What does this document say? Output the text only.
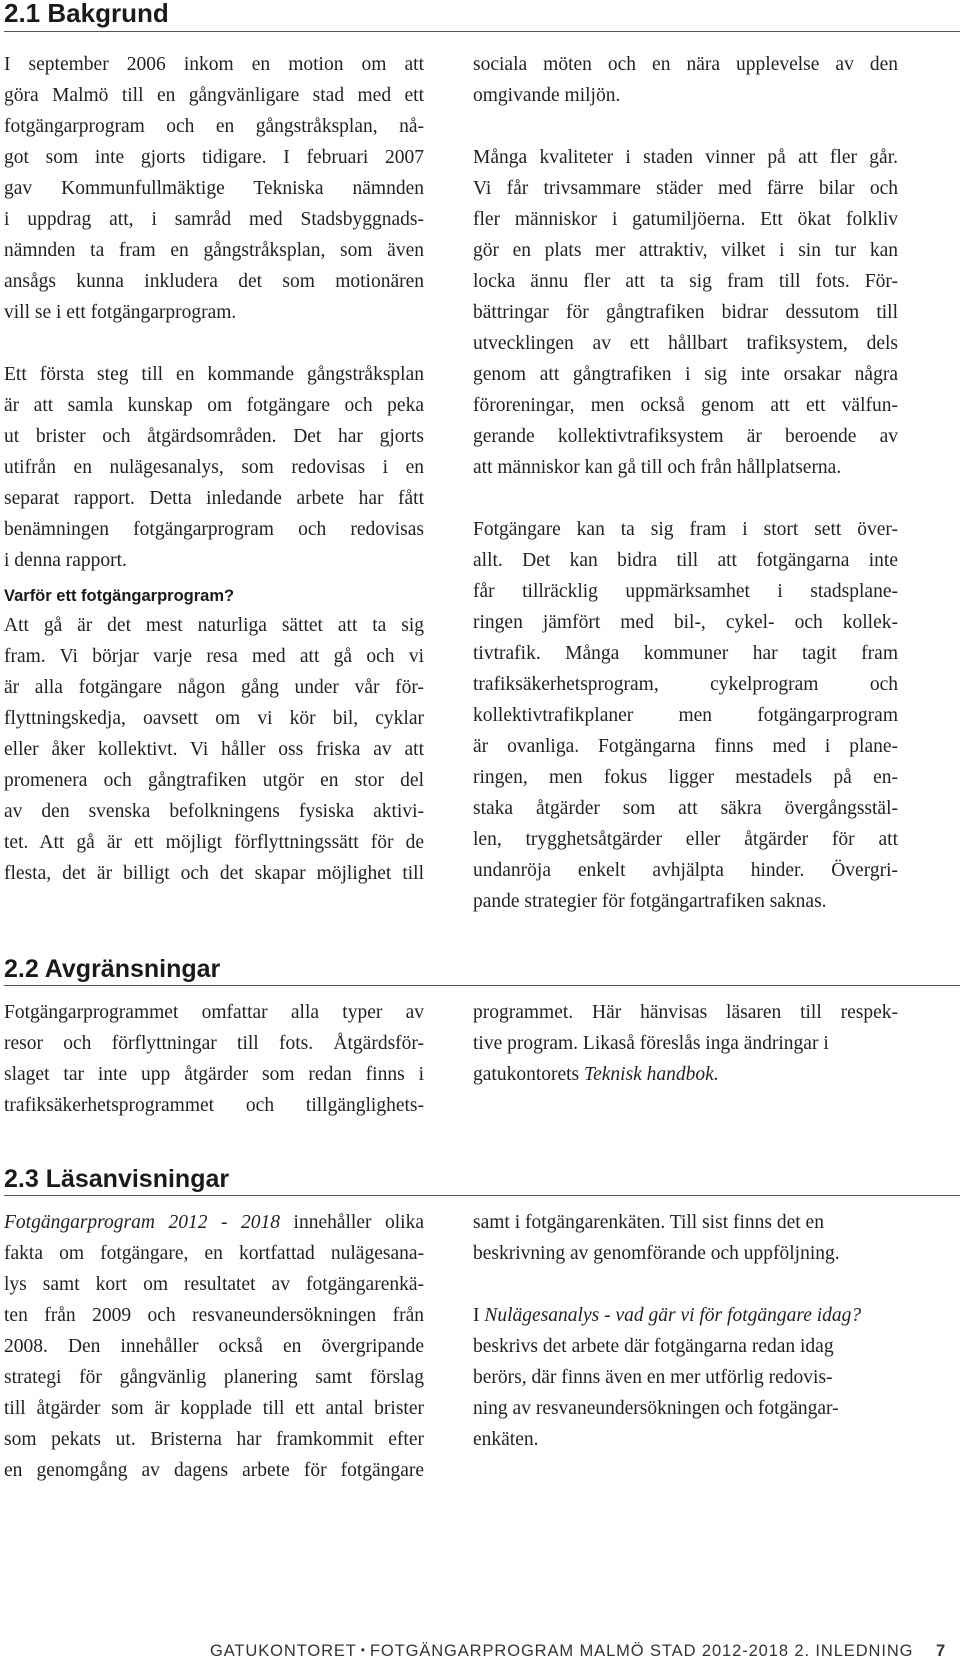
2.1 Bakgrund
I september 2006 inkom en motion om att
göra Malmö till en gångvänligare stad med ett
fotgängarprogram och en gångstråksplan, nå-
got som inte gjorts tidigare. I februari 2007
gav Kommunfullmäktige Tekniska nämnden
i uppdrag att, i samråd med Stadsbyggnads-
nämnden ta fram en gångstråksplan, som även
ansågs kunna inkludera det som motionären
vill se i ett fotgängarprogram.
Ett första steg till en kommande gångstråksplan
är att samla kunskap om fotgängare och peka
ut brister och åtgärdsområden. Det har gjorts
utifrån en nulägesanalys, som redovisas i en
separat rapport. Detta inledande arbete har fått
benämningen fotgängarprogram och redovisas
i denna rapport.
Varför ett fotgängarprogram?
Att gå är det mest naturliga sättet att ta sig
fram. Vi börjar varje resa med att gå och vi
är alla fotgängare någon gång under vår för-
flyttningskedja, oavsett om vi kör bil, cyklar
eller åker kollektivt. Vi håller oss friska av att
promenera och gångtrafiken utgör en stor del
av den svenska befolkningens fysiska aktivi-
tet. Att gå är ett möjligt förflyttningssätt för de
flesta, det är billigt och det skapar möjlighet till
sociala möten och en nära upplevelse av den
omgivande miljön.
Många kvaliteter i staden vinner på att fler går.
Vi får trivsammare städer med färre bilar och
fler människor i gatumiljöerna. Ett ökat folkliv
gör en plats mer attraktiv, vilket i sin tur kan
locka ännu fler att ta sig fram till fots. För-
bättringar för gångtrafiken bidrar dessutom till
utvecklingen av ett hållbart trafiksystem, dels
genom att gångtrafiken i sig inte orsakar några
föroreningar, men också genom att ett välfun-
gerande kollektivtrafiksystem är beroende av
att människor kan gå till och från hållplatserna.
Fotgängare kan ta sig fram i stort sett över-
allt. Det kan bidra till att fotgängarna inte
får tillräcklig uppmärksamhet i stadsplane-
ringen jämfört med bil-, cykel- och kollek-
tivtrafik. Många kommuner har tagit fram
trafiksäkerhetsprogram, cykelprogram och
kollektivtrafikplaner men fotgängarprogram
är ovanliga. Fotgängarna finns med i plane-
ringen, men fokus ligger mestadels på en-
staka åtgärder som att säkra övergångsstäl-
len, trygghetsåtgärder eller åtgärder för att
undanröja enkelt avhjälpta hinder. Övergri-
pande strategier för fotgängartrafiken saknas.
2.2 Avgränsningar
Fotgängarprogrammet omfattar alla typer av
resor och förflyttningar till fots. Åtgärdsför-
slaget tar inte upp åtgärder som redan finns i
trafiksäkerhetsprogrammet och tillgänglighets-
programmet. Här hänvisas läsaren till respek-
tive program. Likaså föreslås inga ändringar i
gatukontorets Teknisk handbok.
2.3 Läsanvisningar
Fotgängarprogram 2012 - 2018 innehåller olika
fakta om fotgängare, en kortfattad nulägesana-
lys samt kort om resultatet av fotgängarenkä-
ten från 2009 och resvaneundersökningen från
2008. Den innehåller också en övergripande
strategi för gångvänlig planering samt förslag
till åtgärder som är kopplade till ett antal brister
som pekats ut. Bristerna har framkommit efter
en genomgång av dagens arbete för fotgängare
samt i fotgängarenkäten. Till sist finns det en
beskrivning av genomförande och uppföljning.
I Nulägesanalys - vad gär vi för fotgängare idag?
beskrivs det arbete där fotgängarna redan idag
berörs, där finns även en mer utförlig redovis-
ning av resvaneundersökningen och fotgängar-
enkäten.
GATUKONTORET • FOTGÄNGARPROGRAM MALMÖ STAD 2012-2018 2. INLEDNING 7
